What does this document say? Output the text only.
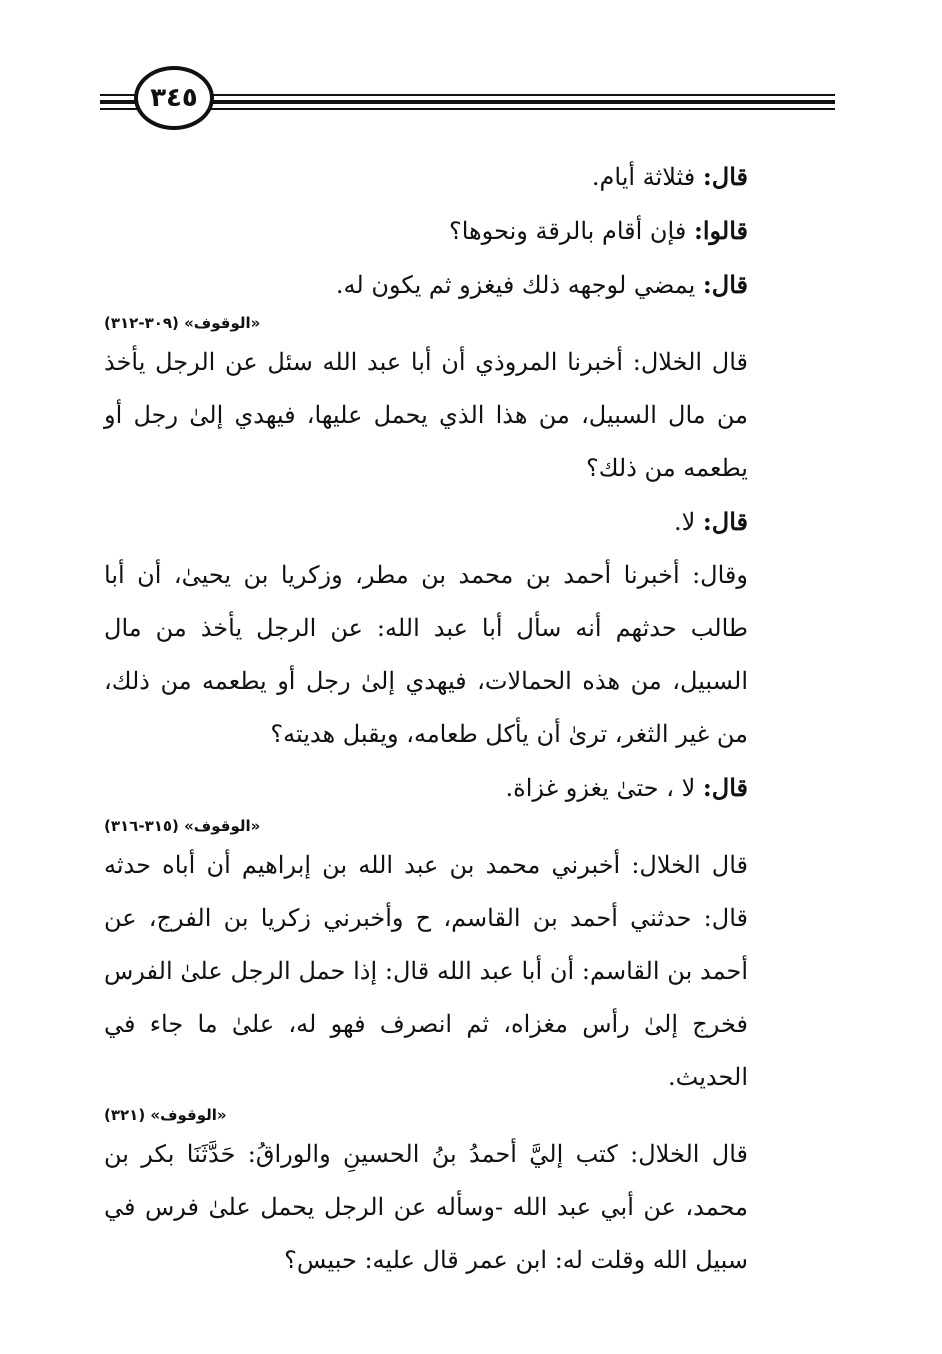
٣٤٥

قال: فثلاثة أيام.

قالوا: فإن أقام بالرقة ونحوها؟

قال: يمضي لوجهه ذلك فيغزو ثم يكون له.

«الوقوف» (٣٠٩-٣١٢)

قال الخلال: أخبرنا المروذي أن أبا عبد الله سئل عن الرجل يأخذ من مال السبيل، من هذا الذي يحمل عليها، فيهدي إلىٰ رجل أو يطعمه من ذلك؟

قال: لا.

وقال: أخبرنا أحمد بن محمد بن مطر، وزكريا بن يحيىٰ، أن أبا طالب حدثهم أنه سأل أبا عبد الله: عن الرجل يأخذ من مال السبيل، من هذه الحمالات، فيهدي إلىٰ رجل أو يطعمه من ذلك، من غير الثغر، ترىٰ أن يأكل طعامه، ويقبل هديته؟

قال: لا ، حتىٰ يغزو غزاة.

«الوقوف» (٣١٥-٣١٦)

قال الخلال: أخبرني محمد بن عبد الله بن إبراهيم أن أباه حدثه قال: حدثني أحمد بن القاسم، ح وأخبرني زكريا بن الفرج، عن أحمد بن القاسم: أن أبا عبد الله قال: إذا حمل الرجل علىٰ الفرس فخرج إلىٰ رأس مغزاه، ثم انصرف فهو له، علىٰ ما جاء في الحديث.

«الوقوف» (٣٢١)

قال الخلال: كتب إليَّ أحمدُ بنُ الحسينِ والوراقُ: حَدَّثَنَا بكر بن محمد، عن أبي عبد الله -وسأله عن الرجل يحمل علىٰ فرس في سبيل الله وقلت له: ابن عمر قال عليه: حبيس؟
